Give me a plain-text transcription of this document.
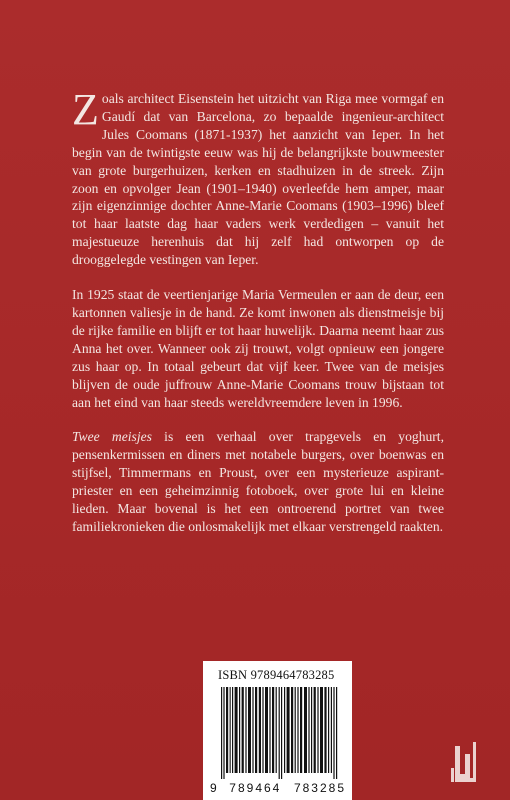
Zoals architect Eisenstein het uitzicht van Riga mee vormgaf en Gaudí dat van Barcelona, zo bepaalde ingenieur-architect Jules Coomans (1871-1937) het aanzicht van Ieper. In het begin van de twintigste eeuw was hij de belangrijkste bouwmeester van grote burgerhuizen, kerken en stadhuizen in de streek. Zijn zoon en opvolger Jean (1901–1940) overleefde hem amper, maar zijn eigenzinnige dochter Anne-Marie Coomans (1903–1996) bleef tot haar laatste dag haar vaders werk verdedigen – vanuit het majestueuze herenhuis dat hij zelf had ontworpen op de drooggelegde vestingen van Ieper.

In 1925 staat de veertienjarige Maria Vermeulen er aan de deur, een kartonnen valiesje in de hand. Ze komt inwonen als dienstmeisje bij de rijke familie en blijft er tot haar huwelijk. Daarna neemt haar zus Anna het over. Wanneer ook zij trouwt, volgt opnieuw een jongere zus haar op. In totaal gebeurt dat vijf keer. Twee van de meisjes blijven de oude juffrouw Anne-Marie Coomans trouw bijstaan tot aan het eind van haar steeds wereldvreemdere leven in 1996.

Twee meisjes is een verhaal over trapgevels en yoghurt, pensenkermissen en diners met notabele burgers, over boenwas en stijfsel, Timmermans en Proust, over een mysterieuze aspirant-priester en een geheimzinnig fotoboek, over grote lui en kleine lieden. Maar bovenal is het een ontroerend portret van twee familiekronieken die onlosmakelijk met elkaar verstrengeld raakten.

ISBN 9789464783285
9 789464 783285
